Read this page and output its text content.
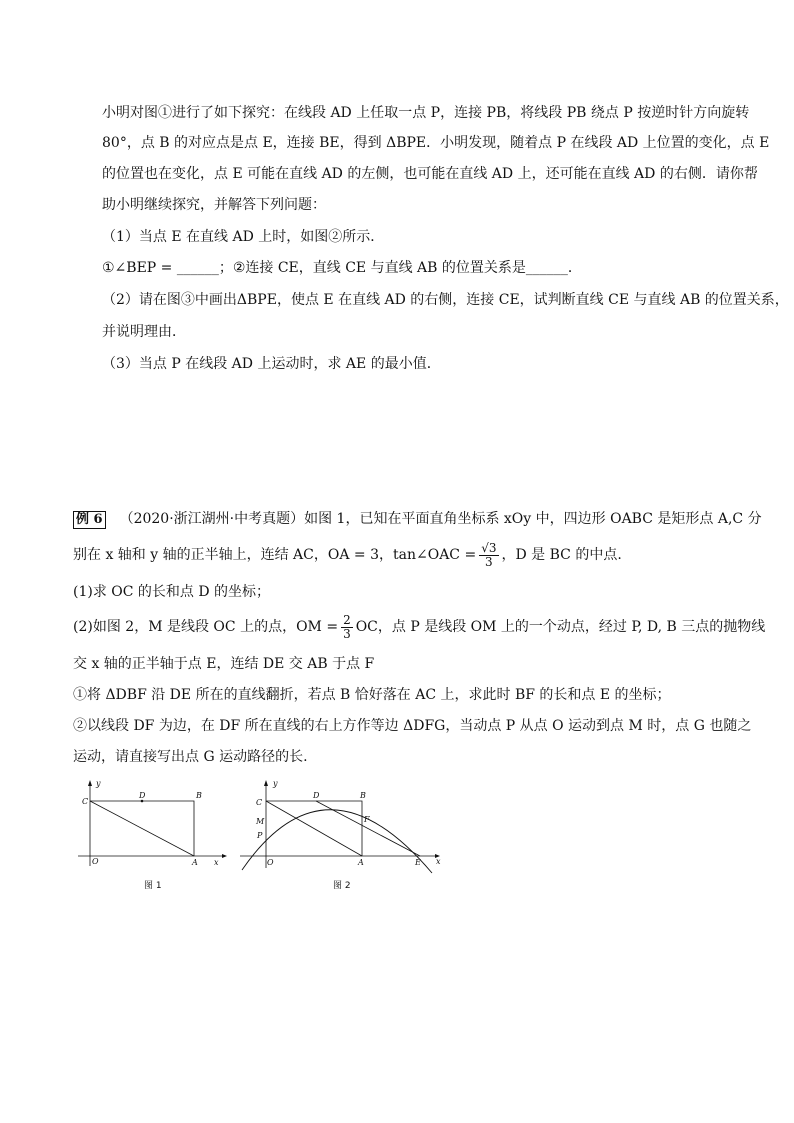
小明对图①进行了如下探究：在线段 AD 上任取一点 P，连接 PB，将线段 PB 绕点 P 按逆时针方向旋转
80°，点 B 的对应点是点 E，连接 BE，得到 ΔBPE．小明发现，随着点 P 在线段 AD 上位置的变化，点 E
的位置也在变化，点 E 可能在直线 AD 的左侧，也可能在直线 AD 上，还可能在直线 AD 的右侧．请你帮
助小明继续探究，并解答下列问题：
（1）当点 E 在直线 AD 上时，如图②所示．
①∠BEP = ______；②连接 CE，直线 CE 与直线 AB 的位置关系是______．
（2）请在图③中画出ΔBPE，使点 E 在直线 AD 的右侧，连接 CE，试判断直线 CE 与直线 AB 的位置关系，
并说明理由．
（3）当点 P 在线段 AD 上运动时，求 AE 的最小值．
例 6 （2020·浙江湖州·中考真题）如图 1，已知在平面直角坐标系 xOy 中，四边形 OABC 是矩形点 A,C 分
别在 x 轴和 y 轴的正半轴上，连结 AC，OA = 3，tan∠OAC = $\frac{√3}{3}$ ，D 是 BC 的中点.
(1)求 OC 的长和点 D 的坐标；
(2)如图 2，M 是线段 OC 上的点，OM = $\frac{2}{3}$ OC，点 P 是线段 OM 上的一个动点，经过 P, D, B 三点的抛物线
交 x 轴的正半轴于点 E，连结 DE 交 AB 于点 F
①将 ΔDBF 沿 DE 所在的直线翻折，若点 B 恰好落在 AC 上，求此时 BF 的长和点 E 的坐标；
②以线段 DF 为边，在 DF 所在直线的右上方作等边 ΔDFG，当动点 P 从点 O 运动到点 M 时，点 G 也随之
运动，请直接写出点 G 运动路径的长.
y
C
D	B
O	A x
图 1
y
C
D	B
M
P
F
O	A	E x
图 2
